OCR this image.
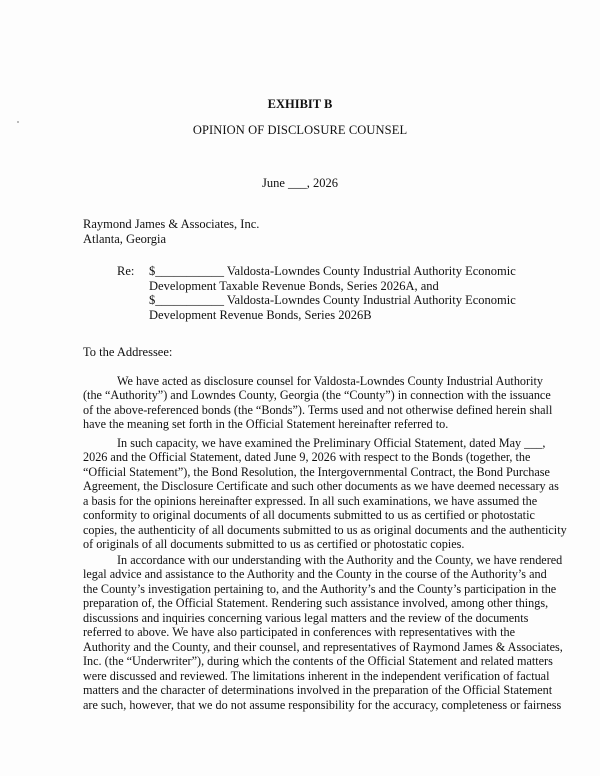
EXHIBIT B
OPINION OF DISCLOSURE COUNSEL
June ___, 2026
Raymond James & Associates, Inc.
Atlanta, Georgia
Re: $___________ Valdosta-Lowndes County Industrial Authority Economic
Development Taxable Revenue Bonds, Series 2026A, and
$___________ Valdosta-Lowndes County Industrial Authority Economic
Development Revenue Bonds, Series 2026B
To the Addressee:
We have acted as disclosure counsel for Valdosta-Lowndes County Industrial Authority
(the “Authority”) and Lowndes County, Georgia (the “County”) in connection with the issuance
of the above-referenced bonds (the “Bonds”). Terms used and not otherwise defined herein shall
have the meaning set forth in the Official Statement hereinafter referred to.
In such capacity, we have examined the Preliminary Official Statement, dated May ___,
2026 and the Official Statement, dated June 9, 2026 with respect to the Bonds (together, the
“Official Statement”), the Bond Resolution, the Intergovernmental Contract, the Bond Purchase
Agreement, the Disclosure Certificate and such other documents as we have deemed necessary as
a basis for the opinions hereinafter expressed. In all such examinations, we have assumed the
conformity to original documents of all documents submitted to us as certified or photostatic
copies, the authenticity of all documents submitted to us as original documents and the authenticity
of originals of all documents submitted to us as certified or photostatic copies.
In accordance with our understanding with the Authority and the County, we have rendered
legal advice and assistance to the Authority and the County in the course of the Authority’s and
the County’s investigation pertaining to, and the Authority’s and the County’s participation in the
preparation of, the Official Statement. Rendering such assistance involved, among other things,
discussions and inquiries concerning various legal matters and the review of the documents
referred to above. We have also participated in conferences with representatives with the
Authority and the County, and their counsel, and representatives of Raymond James & Associates,
Inc. (the “Underwriter”), during which the contents of the Official Statement and related matters
were discussed and reviewed. The limitations inherent in the independent verification of factual
matters and the character of determinations involved in the preparation of the Official Statement
are such, however, that we do not assume responsibility for the accuracy, completeness or fairness
